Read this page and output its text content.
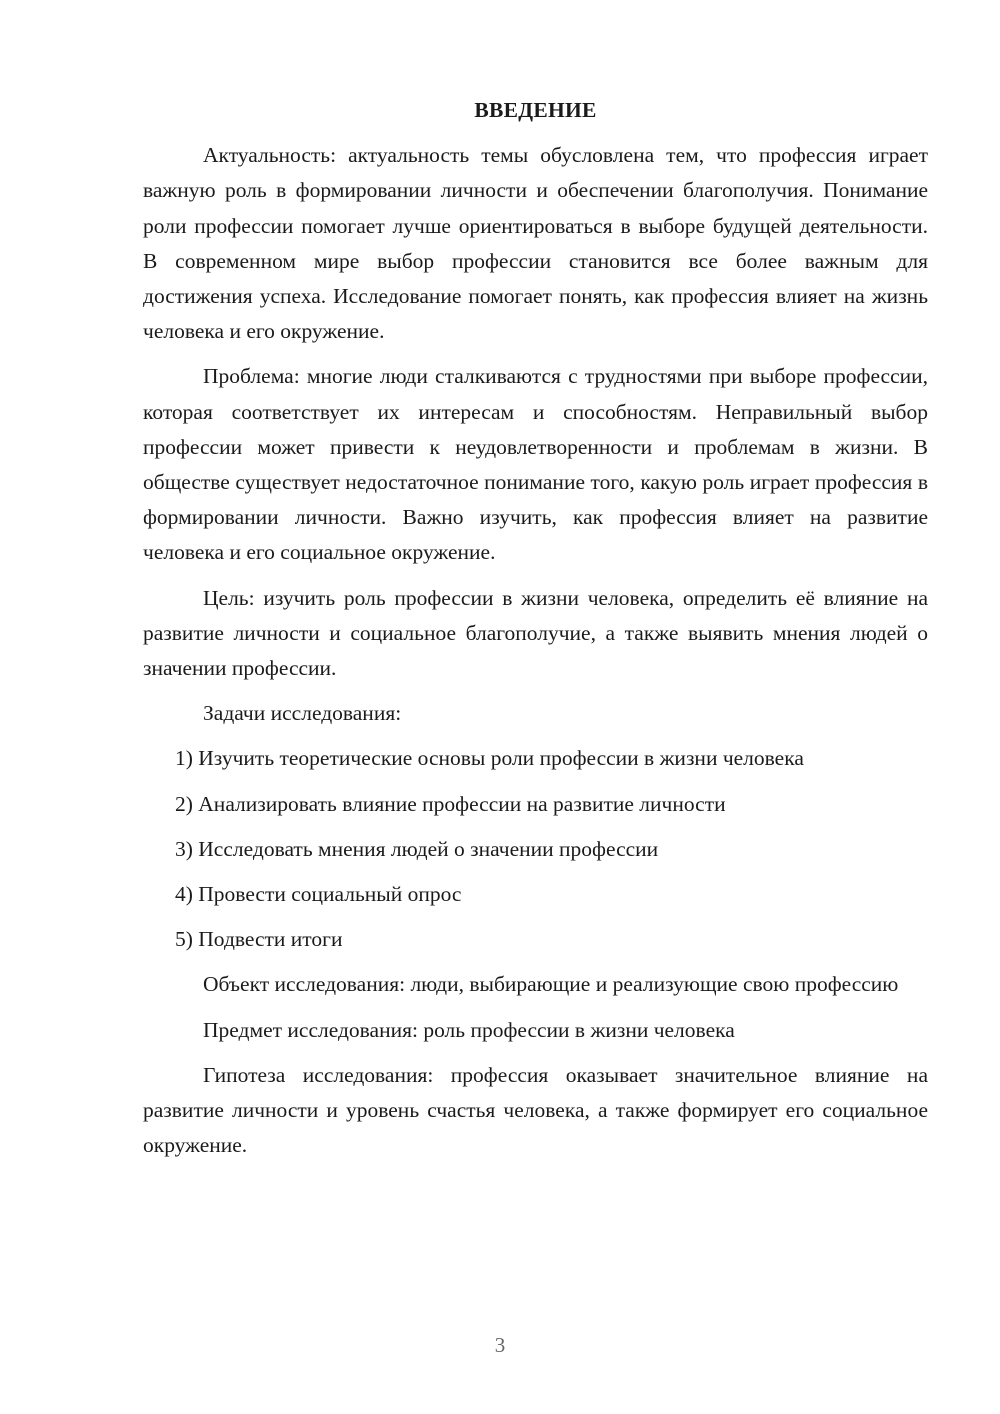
ВВЕДЕНИЕ

Актуальность: актуальность темы обусловлена тем, что профессия играет важную роль в формировании личности и обеспечении благополучия. Понимание роли профессии помогает лучше ориентироваться в выборе будущей деятельности. В современном мире выбор профессии становится все более важным для достижения успеха. Исследование помогает понять, как профессия влияет на жизнь человека и его окружение.

Проблема: многие люди сталкиваются с трудностями при выборе профессии, которая соответствует их интересам и способностям. Неправильный выбор профессии может привести к неудовлетворенности и проблемам в жизни. В обществе существует недостаточное понимание того, какую роль играет профессия в формировании личности. Важно изучить, как профессия влияет на развитие человека и его социальное окружение.

Цель: изучить роль профессии в жизни человека, определить её влияние на развитие личности и социальное благополучие, а также выявить мнения людей о значении профессии.

Задачи исследования:

1) Изучить теоретические основы роли профессии в жизни человека
2) Анализировать влияние профессии на развитие личности
3) Исследовать мнения людей о значении профессии
4) Провести социальный опрос
5) Подвести итоги

Объект исследования: люди, выбирающие и реализующие свою профессию

Предмет исследования: роль профессии в жизни человека

Гипотеза исследования: профессия оказывает значительное влияние на развитие личности и уровень счастья человека, а также формирует его социальное окружение.

3
